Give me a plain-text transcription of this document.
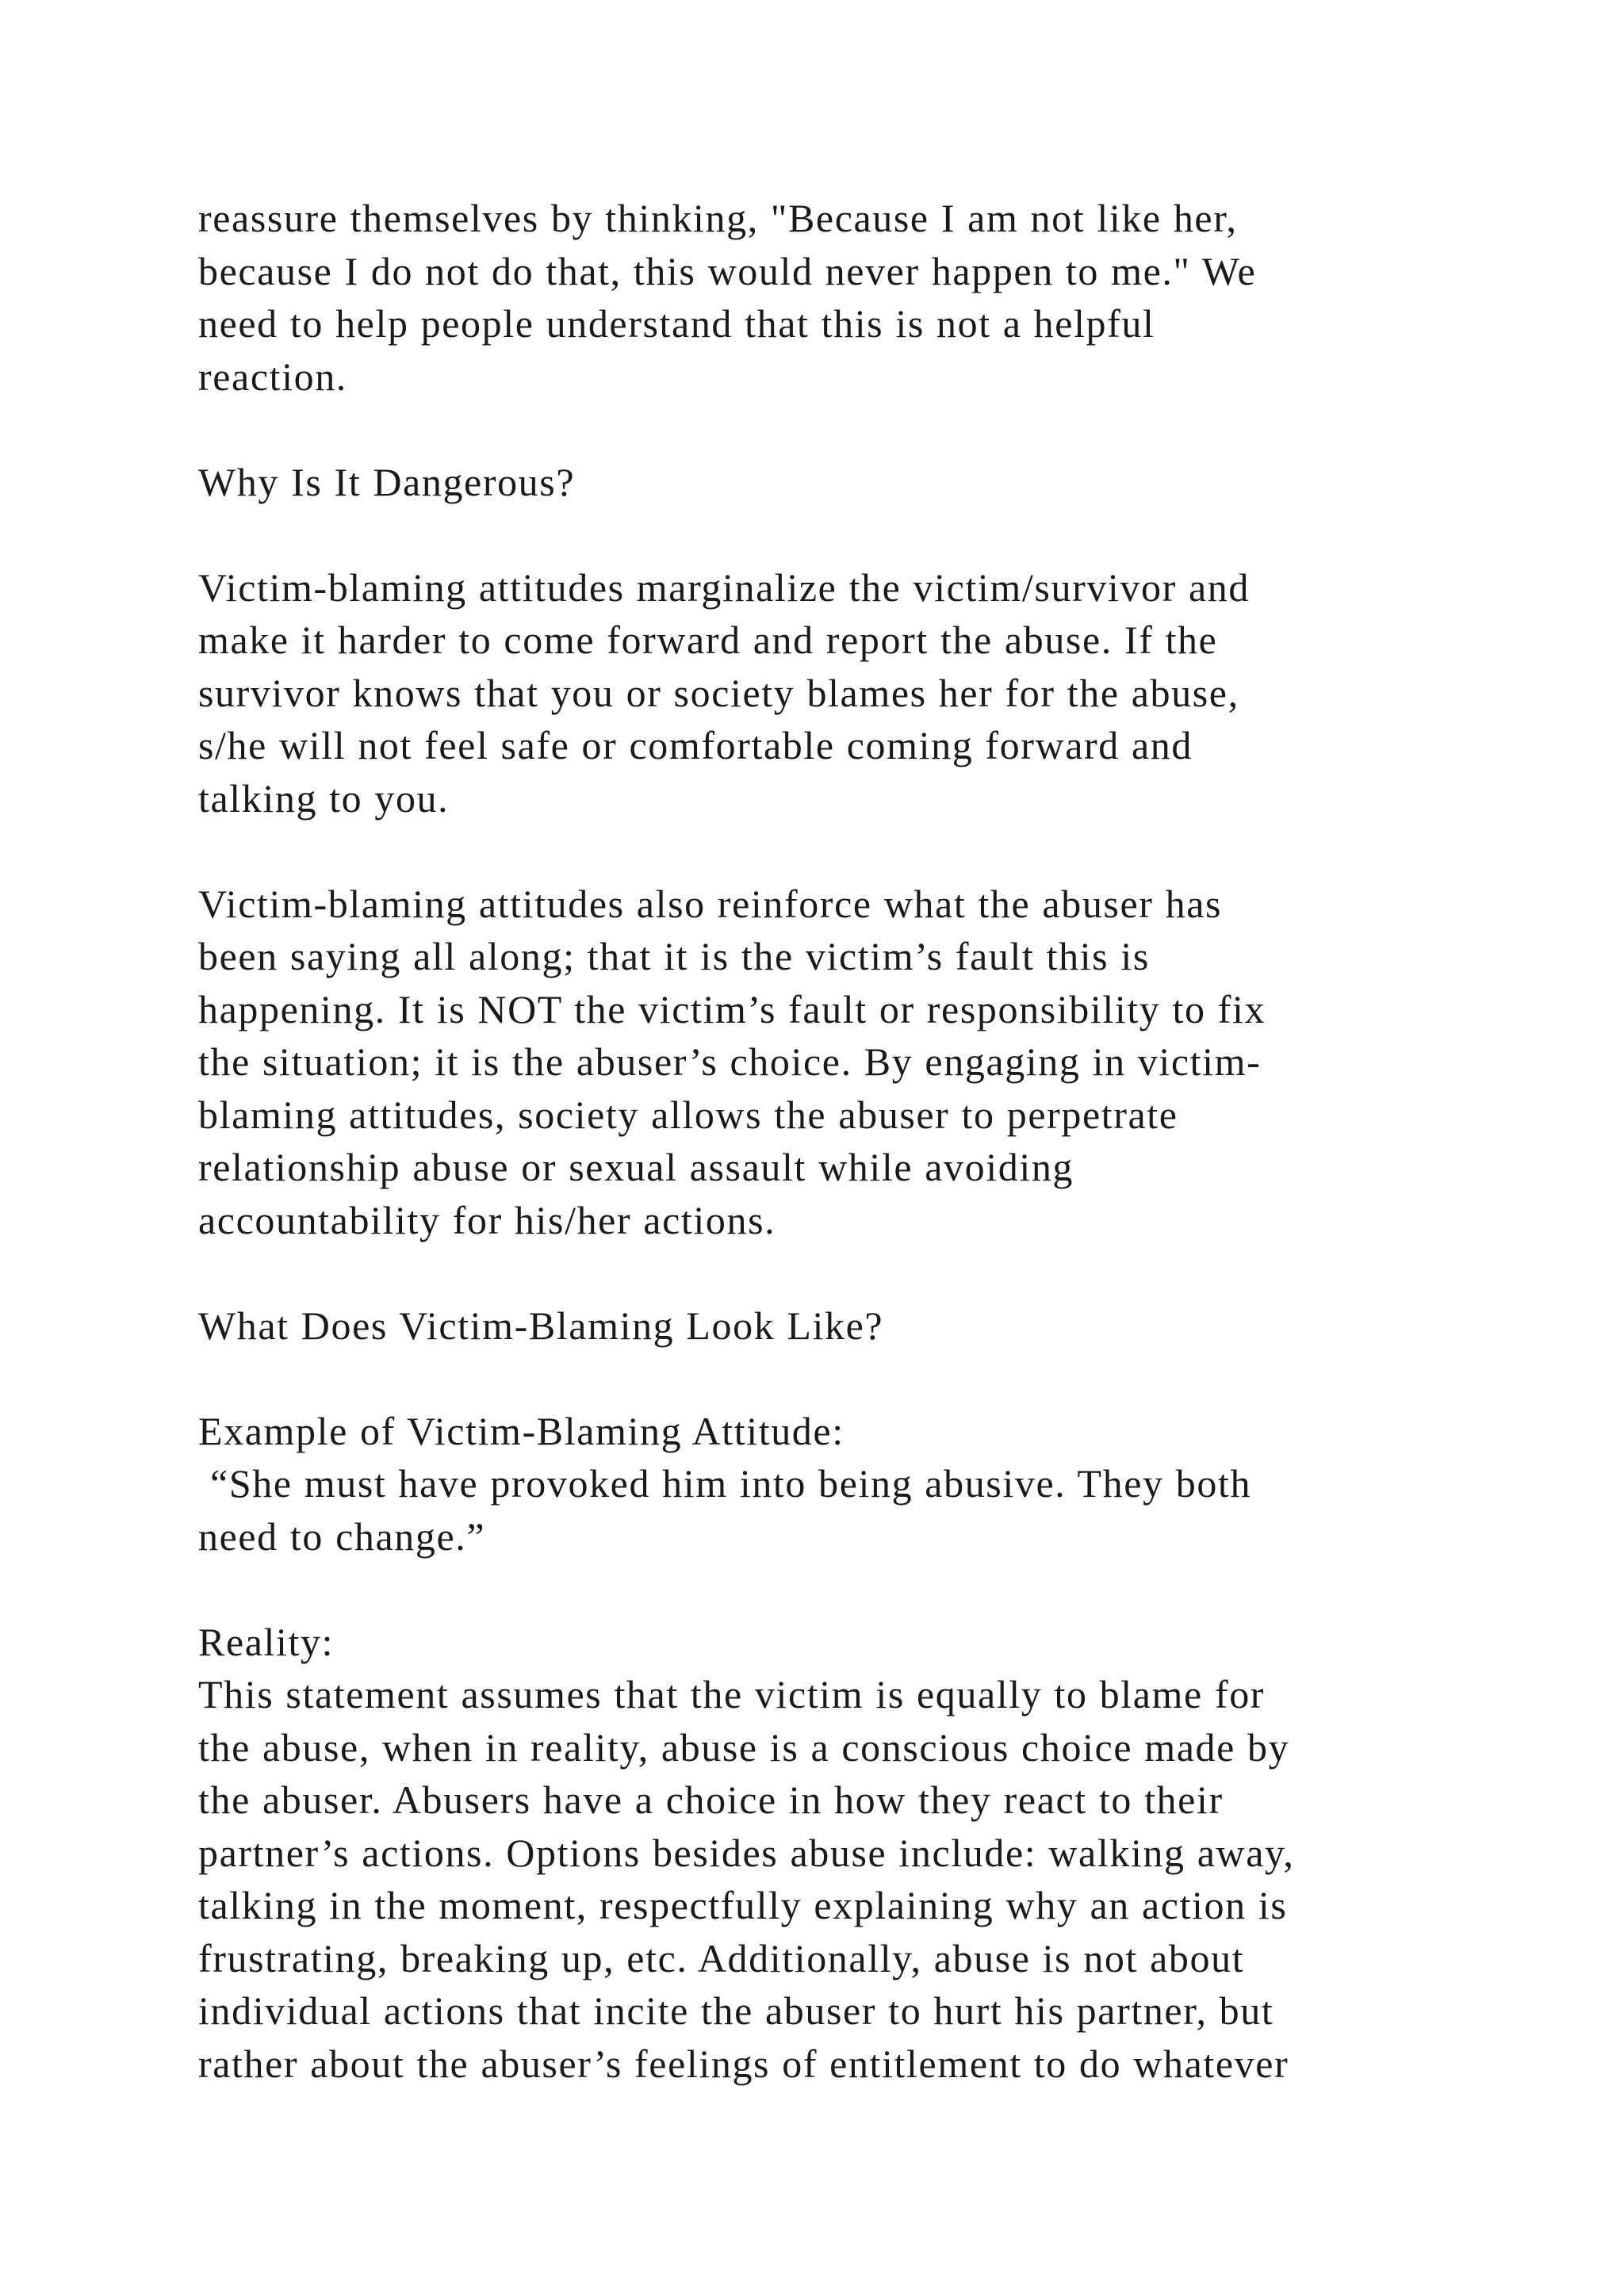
reassure themselves by thinking, "Because I am not like her,
because I do not do that, this would never happen to me." We
need to help people understand that this is not a helpful
reaction.
Why Is It Dangerous?
Victim-blaming attitudes marginalize the victim/survivor and
make it harder to come forward and report the abuse. If the
survivor knows that you or society blames her for the abuse,
s/he will not feel safe or comfortable coming forward and
talking to you.
Victim-blaming attitudes also reinforce what the abuser has
been saying all along; that it is the victim’s fault this is
happening. It is NOT the victim’s fault or responsibility to fix
the situation; it is the abuser’s choice. By engaging in victim-
blaming attitudes, society allows the abuser to perpetrate
relationship abuse or sexual assault while avoiding
accountability for his/her actions.
What Does Victim-Blaming Look Like?
Example of Victim-Blaming Attitude:
“She must have provoked him into being abusive. They both
need to change.”
Reality:
This statement assumes that the victim is equally to blame for
the abuse, when in reality, abuse is a conscious choice made by
the abuser. Abusers have a choice in how they react to their
partner’s actions. Options besides abuse include: walking away,
talking in the moment, respectfully explaining why an action is
frustrating, breaking up, etc. Additionally, abuse is not about
individual actions that incite the abuser to hurt his partner, but
rather about the abuser’s feelings of entitlement to do whatever
